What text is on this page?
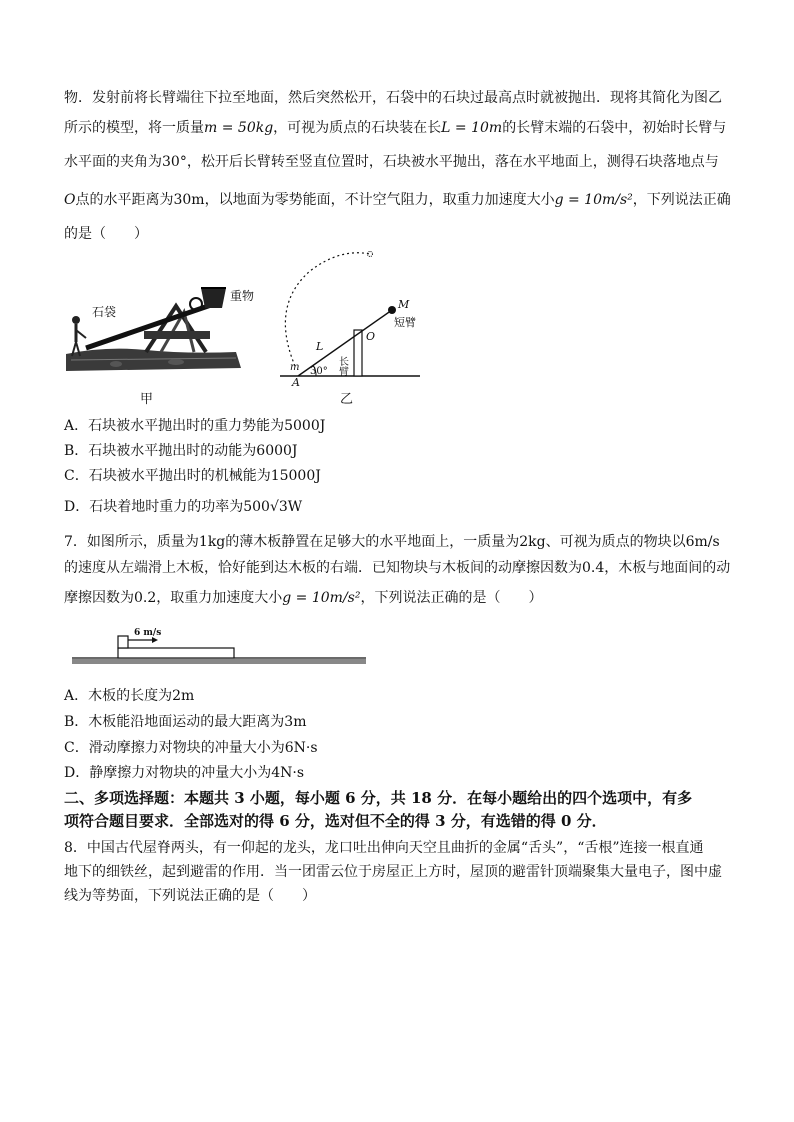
物．发射前将长臂端往下拉至地面，然后突然松开，石袋中的石块过最高点时就被抛出．现将其简化为图乙
所示的模型，将一质量m = 50kg，可视为质点的石块装在长L = 10m的长臂末端的石袋中，初始时长臂与
水平面的夹角为30°，松开后长臂转至竖直位置时，石块被水平抛出，落在水平地面上，测得石块落地点与
O点的水平距离为30m，以地面为零势能面，不计空气阻力，取重力加速度大小g = 10m/s²，下列说法正确
的是（　　）
石袋
重物
甲
M
短臂
O
L
m	长臂
30°
A
乙
A．石块被水平抛出时的重力势能为5000J
B．石块被水平抛出时的动能为6000J
C．石块被水平抛出时的机械能为15000J
D．石块着地时重力的功率为500√3W
7．如图所示，质量为1kg的薄木板静置在足够大的水平地面上，一质量为2kg、可视为质点的物块以6m/s
的速度从左端滑上木板，恰好能到达木板的右端．已知物块与木板间的动摩擦因数为0.4，木板与地面间的动
摩擦因数为0.2，取重力加速度大小g = 10m/s²，下列说法正确的是（　　）
6 m/s
A．木板的长度为2m
B．木板能沿地面运动的最大距离为3m
C．滑动摩擦力对物块的冲量大小为6N·s
D．静摩擦力对物块的冲量大小为4N·s
二、多项选择题：本题共 3 小题，每小题 6 分，共 18 分．在每小题给出的四个选项中，有多
项符合题目要求．全部选对的得 6 分，选对但不全的得 3 分，有选错的得 0 分．
8．中国古代屋脊两头，有一仰起的龙头，龙口吐出伸向天空且曲折的金属“舌头”，“舌根”连接一根直通
地下的细铁丝，起到避雷的作用．当一团雷云位于房屋正上方时，屋顶的避雷针顶端聚集大量电子，图中虚
线为等势面，下列说法正确的是（　　）
